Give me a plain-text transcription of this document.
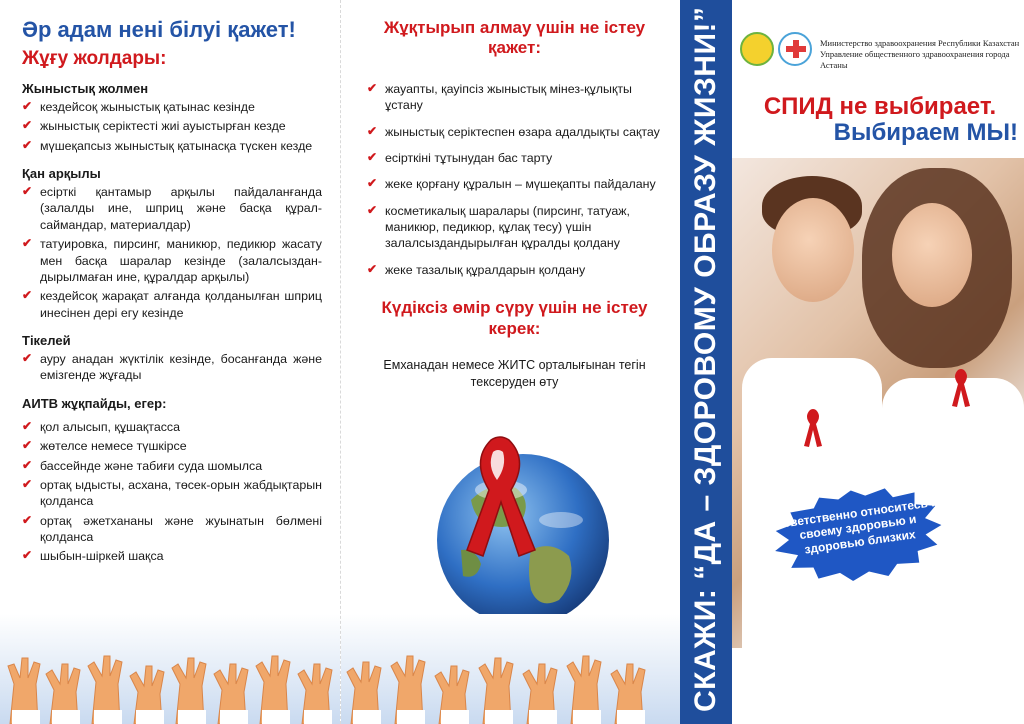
Әр адам нені білуі қажет!
Жұғу жолдары:
Жыныстық жолмен
✔ кездейсоқ жыныстық қатынас кезінде
✔ жыныстық серіктесті жиі ауыстырған кезде
✔ мүшеқапсыз жыныстық қатынасқа түскен кезде
Қан арқылы
✔ есірткі қантамыр арқылы пайдаланғанда (залалды ине, шприц және басқа құрал-саймандар, материалдар)
✔ татуировка, пирсинг, маникюр, педикюр жасату мен басқа шаралар кезінде (залалсыздан-дырылмаған ине, құралдар арқылы)
✔ кездейсоқ жарақат алғанда қолданылған шприц инесінен дері егу кезінде
Тікелей
✔ ауру анадан жүктілік кезінде, босанғанда және емізгенде жұғады
АИТВ жұқпайды, егер:
✔ қол алысып, құшақтасса
✔ жөтелсе немесе түшкірсе
✔ бассейнде және табиғи суда шомылса
✔ ортақ ыдысты, асхана, төсек-орын жабдықтарын қолданса
✔ ортақ әжетхананы және жуынатын бөлмені қолданса
✔ шыбын-шіркей шақса
Жұқтырып алмау үшін не істеу қажет:
✔ жауапты, қауіпсіз жыныстық мінез-құлықты ұстану
✔ жыныстық серіктеспен өзара адалдықты сақтау
✔ есірткіні тұтынудан бас тарту
✔ жеке қорғану құралын – мүшеқапты пайдалану
✔ косметикалық шаралары (пирсинг, татуаж, маникюр, педикюр, құлақ тесу) үшін залалсыздандырылған құралды қолдану
✔ жеке тазалық құралдарын қолдану
Күдіксіз өмір сүру үшін не істеу керек:

Емханадан немесе ЖИТС орталығынан тегін тексеруден өту	СКАЖИ: “ДА – ЗДОРОВОМУ ОБРАЗУ ЖИЗНИ!”	Министерство здравоохранения Республики Казахстан
Управление общественного здравоохранения города Астаны
СПИД не выбирает.
Выбираем МЫ!
Ответственно относитесь к своему здоровью и здоровью близких
